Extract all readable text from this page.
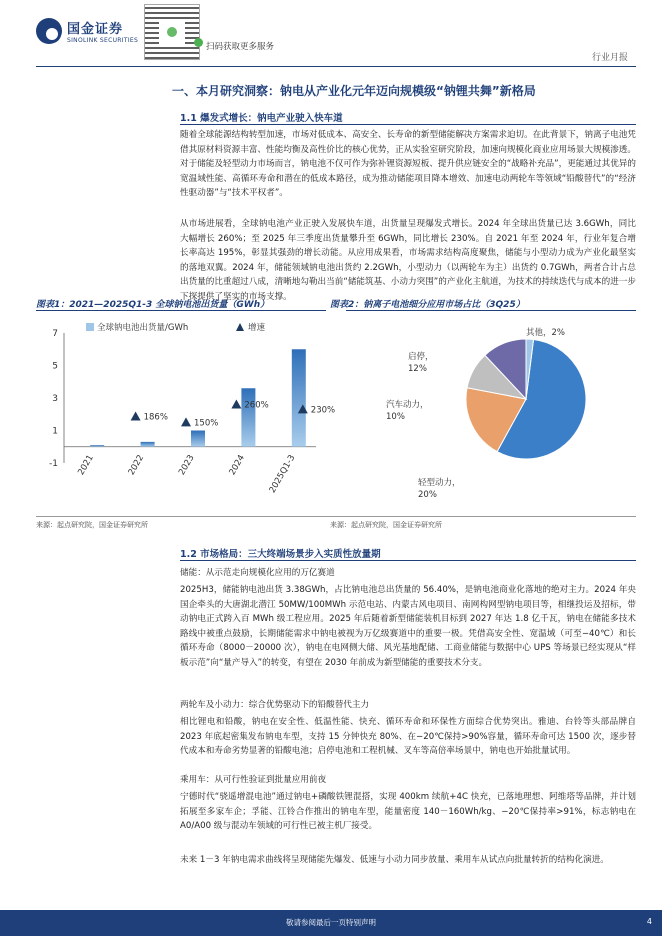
国金证券
SINOLINK SECURITIES
扫码获取更多服务
行业月报
一、本月研究洞察：钠电从产业化元年迈向规模级“钠锂共舞”新格局
1.1 爆发式增长：钠电产业驶入快车道
随着全球能源结构转型加速，市场对低成本、高安全、长寿命的新型储能解决方案需求迫切。在此背景下，钠离子电池凭借其原材料资源丰富、性能均衡及高性价比的核心优势，正从实验室研究阶段，加速向规模化商业应用场景大规模渗透。对于储能及轻型动力市场而言，钠电池不仅可作为弥补锂资源短板、提升供应链安全的“战略补充品”，更能通过其优异的宽温域性能、高循环寿命和潜在的低成本路径，成为推动储能项目降本增效、加速电动两轮车等领域“铅酸替代”的“经济性驱动器”与“技术平权者”。
从市场进展看，全球钠电池产业正驶入发展快车道，出货量呈现爆发式增长。2024 年全球出货量已达 3.6GWh，同比大幅增长 260%；至 2025 年三季度出货量攀升至 6GWh，同比增长 230%。自 2021 年至 2024 年，行业年复合增长率高达 195%，彰显其强劲的增长动能。从应用成果看，市场需求结构高度聚焦，储能与小型动力成为产业化最坚实的落地双翼。2024 年，储能领域钠电池出货约 2.2GWh，小型动力（以两轮车为主）出货约 0.7GWh，两者合计占总出货量的比重超过八成，清晰地勾勒出当前“储能筑基、小动力突围”的产业化主航道，为技术的持续迭代与成本的进一步下探提供了坚实的市场支撑。
图表1：2021—2025Q1-3 全球钠电池出货量（GWh）	图表2：钠离子电池细分应用市场占比（3Q25）
-1
1
3
5
7
2021	2022
186%
2023
150%
2024
260%
2025Q1-3
230%
全球钠电池出货量/GWh	增速
储能， 56%
轻型动力， 20%
汽车动力， 10%
启停， 12%
其他，2%
来源：起点研究院，国金证券研究所	来源：起点研究院，国金证券研究所
1.2 市场格局：三大终端场景步入实质性放量期
储能：从示范走向规模化应用的万亿赛道
2025H3，储能钠电池出货 3.38GWh，占比钠电池总出货量的 56.40%，是钠电池商业化落地的绝对主力。2024 年央国企牵头的大唐湖北潜江 50MW/100MWh 示范电站、内蒙古风电项目、南网构网型钠电项目等，相继投运及招标，带动钠电正式跨入百 MWh 级工程应用。2025 年后随着新型储能装机目标到 2027 年达 1.8 亿千瓦，钠电在储能多技术路线中被重点鼓励，长期储能需求中钠电被视为万亿级赛道中的重要一极。凭借高安全性、宽温域（可至−40℃）和长循环寿命（8000－20000 次），钠电在电网侧大储、风光基地配储、工商业储能与数据中心 UPS 等场景已经实现从“样板示范”向“量产导入”的转变，有望在 2030 年前成为新型储能的重要技术分支。
两轮车及小动力：综合优势驱动下的铅酸替代主力
相比锂电和铅酸，钠电在安全性、低温性能、快充、循环寿命和环保性方面综合优势突出。雅迪、台铃等头部品牌自 2023 年底起密集发布钠电车型，支持 15 分钟快充 80%、在−20℃保持>90%容量，循环寿命可达 1500 次，逐步替代成本和寿命劣势显著的铅酸电池；启停电池和工程机械、叉车等高倍率场景中，钠电也开始批量试用。
乘用车：从可行性验证到批量应用前夜
宁德时代“骁遥增混电池”通过钠电+磷酸铁锂混搭，实现 400km 续航+4C 快充，已落地理想、阿维塔等品牌，并计划拓展至多家车企；孚能、江铃合作推出的钠电车型，能量密度 140－160Wh/kg、−20℃保持率>91%，标志钠电在 A0/A00 级与混动车领域的可行性已被主机厂接受。
未来 1－3 年钠电需求曲线将呈现储能先爆发、低速与小动力同步放量、乘用车从试点向批量转折的结构化演进。
敬请参阅最后一页特别声明	4
